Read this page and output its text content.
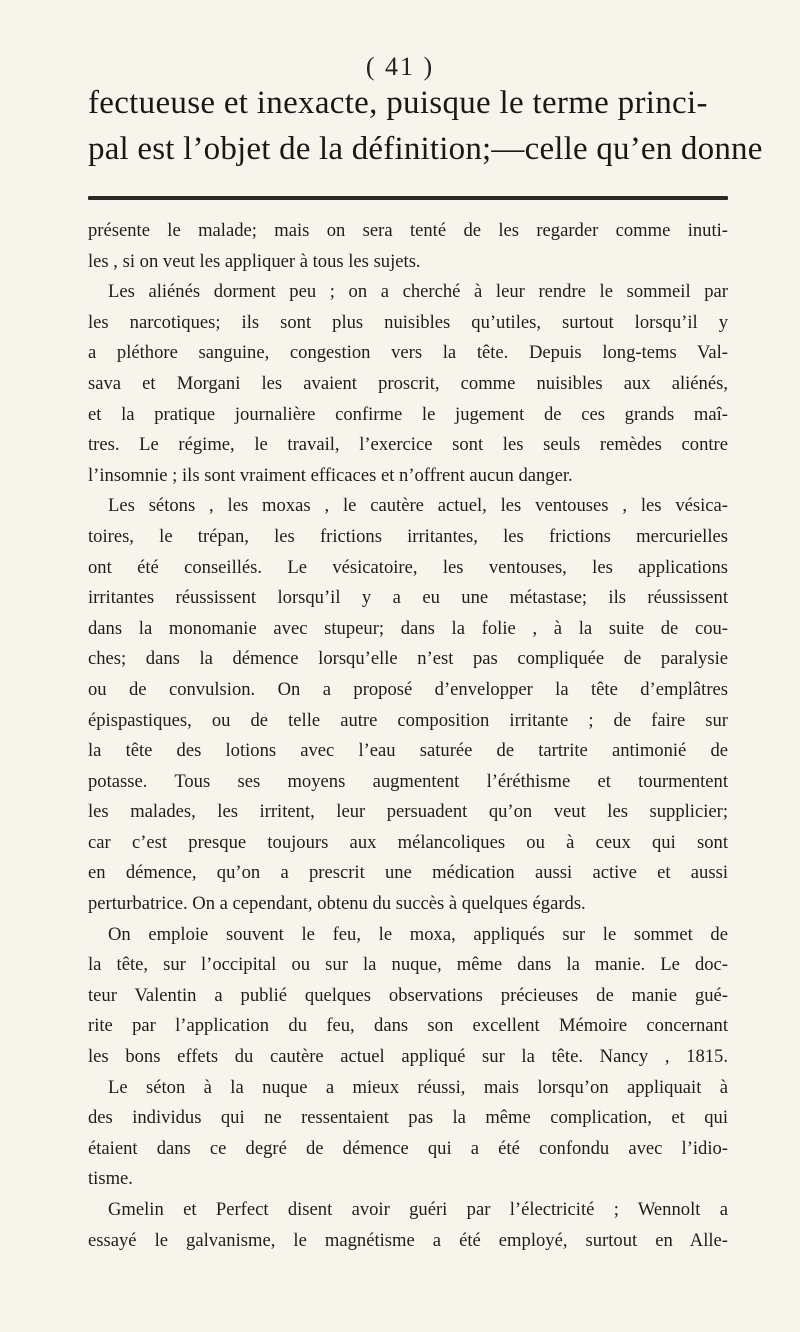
( 41 )
fectueuse et inexacte, puisque le terme princi-
pal est l’objet de la définition;—celle qu’en donne
présente le malade; mais on sera tenté de les regarder comme inuti-
les , si on veut les appliquer à tous les sujets.
Les aliénés dorment peu ; on a cherché à leur rendre le sommeil par
les narcotiques; ils sont plus nuisibles qu’utiles, surtout lorsqu’il y
a pléthore sanguine, congestion vers la tête. Depuis long-tems Val-
sava et Morgani les avaient proscrit, comme nuisibles aux aliénés,
et la pratique journalière confirme le jugement de ces grands maî-
tres. Le régime, le travail, l’exercice sont les seuls remèdes contre
l’insomnie ; ils sont vraiment efficaces et n’offrent aucun danger.
Les sétons , les moxas , le cautère actuel, les ventouses , les vésica-
toires, le trépan, les frictions irritantes, les frictions mercurielles
ont été conseillés. Le vésicatoire, les ventouses, les applications
irritantes réussissent lorsqu’il y a eu une métastase; ils réussissent
dans la monomanie avec stupeur; dans la folie , à la suite de cou-
ches; dans la démence lorsqu’elle n’est pas compliquée de paralysie
ou de convulsion. On a proposé d’envelopper la tête d’emplâtres
épispastiques, ou de telle autre composition irritante ; de faire sur
la tête des lotions avec l’eau saturée de tartrite antimonié de
potasse. Tous ses moyens augmentent l’éréthisme et tourmentent
les malades, les irritent, leur persuadent qu’on veut les supplicier;
car c’est presque toujours aux mélancoliques ou à ceux qui sont
en démence, qu’on a prescrit une médication aussi active et aussi
perturbatrice. On a cependant, obtenu du succès à quelques égards.
On emploie souvent le feu, le moxa, appliqués sur le sommet de
la tête, sur l’occipital ou sur la nuque, même dans la manie. Le doc-
teur Valentin a publié quelques observations précieuses de manie gué-
rite par l’application du feu, dans son excellent Mémoire concernant
les bons effets du cautère actuel appliqué sur la tête. Nancy , 1815.
Le séton à la nuque a mieux réussi, mais lorsqu’on appliquait à
des individus qui ne ressentaient pas la même complication, et qui
étaient dans ce degré de démence qui a été confondu avec l’idio-
tisme.
Gmelin et Perfect disent avoir guéri par l’électricité ; Wennolt a
essayé le galvanisme, le magnétisme a été employé, surtout en Alle-
